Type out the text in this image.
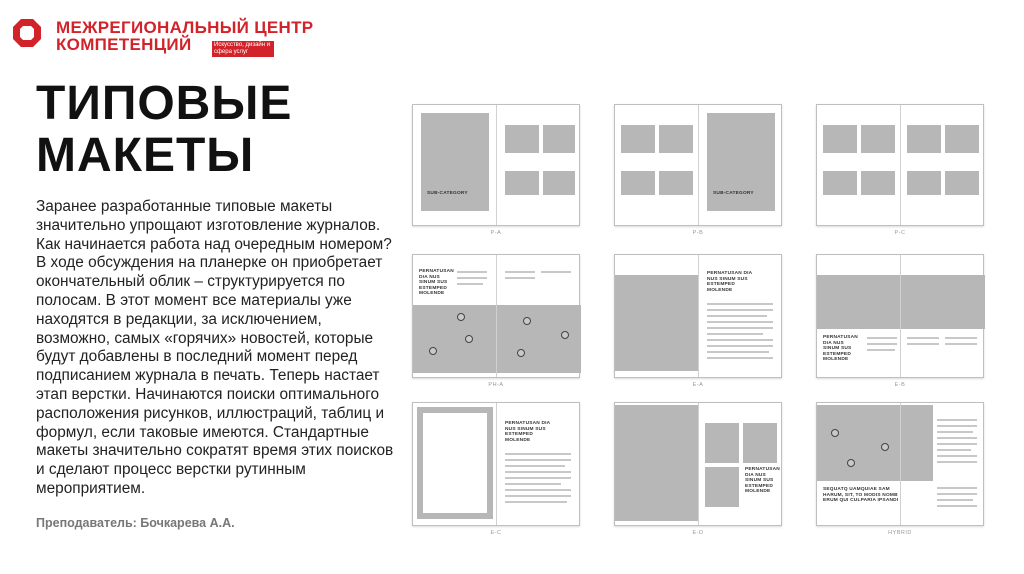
МЕЖРЕГИОНАЛЬНЫЙ ЦЕНТР
КОМПЕТЕНЦИЙ	Искусство, дизайн и сфера услуг
ТИПОВЫЕ
МАКЕТЫ
Заранее разработанные типовые макеты значительно упрощают изготовление журналов. Как начинается работа над очередным номером? В ходе обсуждения на планерке он приобретает окончательный облик – структурируется по полосам. В этот момент все материалы уже находятся в редакции, за исключением, возможно, самых «горячих» новостей, которые будут добавлены в последний момент перед подписанием журнала в печать. Теперь настает этап верстки. Начинаются поиски оптимального расположения рисунков, иллюстраций, таблиц и формул, если таковые имеются. Стандартные макеты значительно сократят время этих поисков и сделают процесс верстки рутинным мероприятием.
Преподаватель: Бочкарева А.А.
SUB-CATEGORY
P-A
SUB-CATEGORY
P-B	P-C
PERNATUSAN DIA NUS SINUM SUS ESTEMPED MOLENDE
PH-A
PERNATUSAN DIA NUS SINUM SUS ESTEMPED MOLENDE
E-A
PERNATUSAN DIA NUS SINUM SUS ESTEMPED MOLENDE
E-B
PERNATUSAN DIA NUS SINUM SUS ESTEMPED MOLENDE
E-C
PERNATUSAN DIA NUS SINUM SUS ESTEMPED MOLENDE
E-D
SEQUATQ UAMQUIAE SAM HARUM, SIT, TO MODIS NOMB ERUM QUI CULPARIA IPSANDI
HYBRID
